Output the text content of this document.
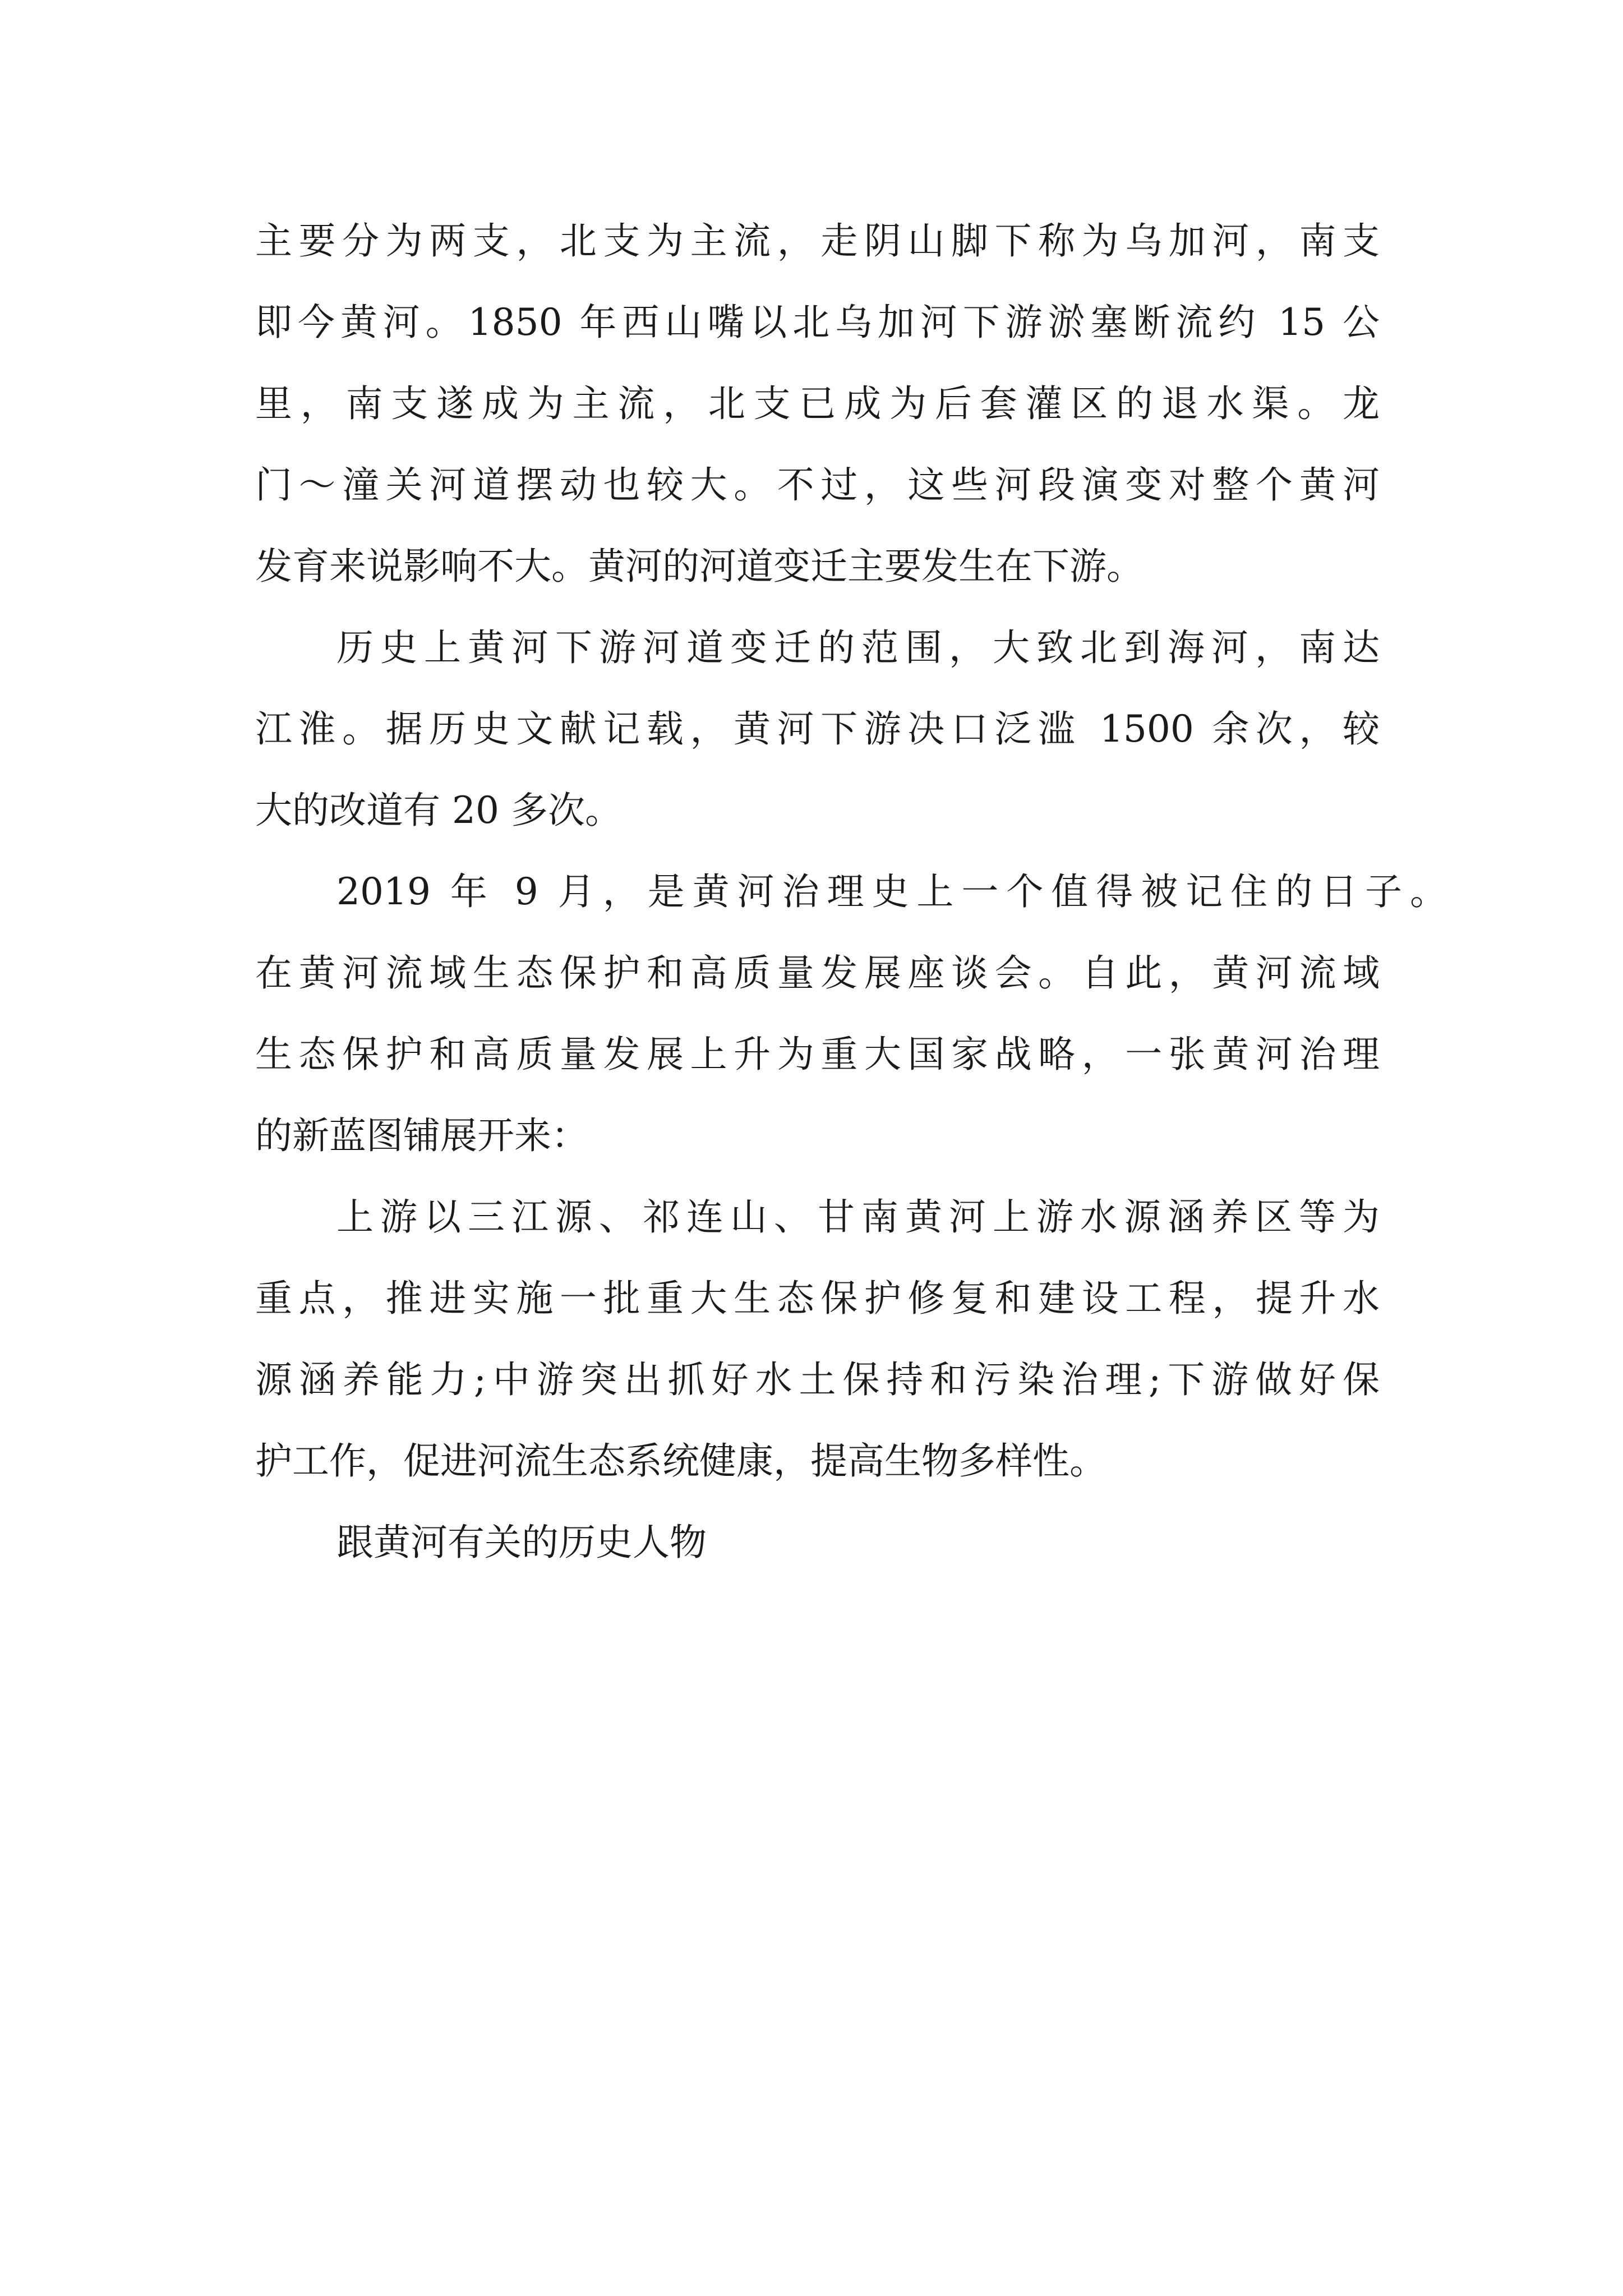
主要分为两支，北支为主流，走阴山脚下称为乌加河，南支

即今黄河。1850 年西山嘴以北乌加河下游淤塞断流约 15 公

里，南支遂成为主流，北支已成为后套灌区的退水渠。龙

门～潼关河道摆动也较大。不过，这些河段演变对整个黄河

发育来说影响不大。黄河的河道变迁主要发生在下游。

历史上黄河下游河道变迁的范围，大致北到海河，南达

江淮。据历史文献记载，黄河下游决口泛滥 1500 余次，较

大的改道有 20 多次。

2019 年 9 月，是黄河治理史上一个值得被记住的日子。

在黄河流域生态保护和高质量发展座谈会。自此，黄河流域

生态保护和高质量发展上升为重大国家战略，一张黄河治理

的新蓝图铺展开来：

上游以三江源、祁连山、甘南黄河上游水源涵养区等为

重点，推进实施一批重大生态保护修复和建设工程，提升水

源涵养能力;中游突出抓好水土保持和污染治理;下游做好保

护工作，促进河流生态系统健康，提高生物多样性。

跟黄河有关的历史人物
